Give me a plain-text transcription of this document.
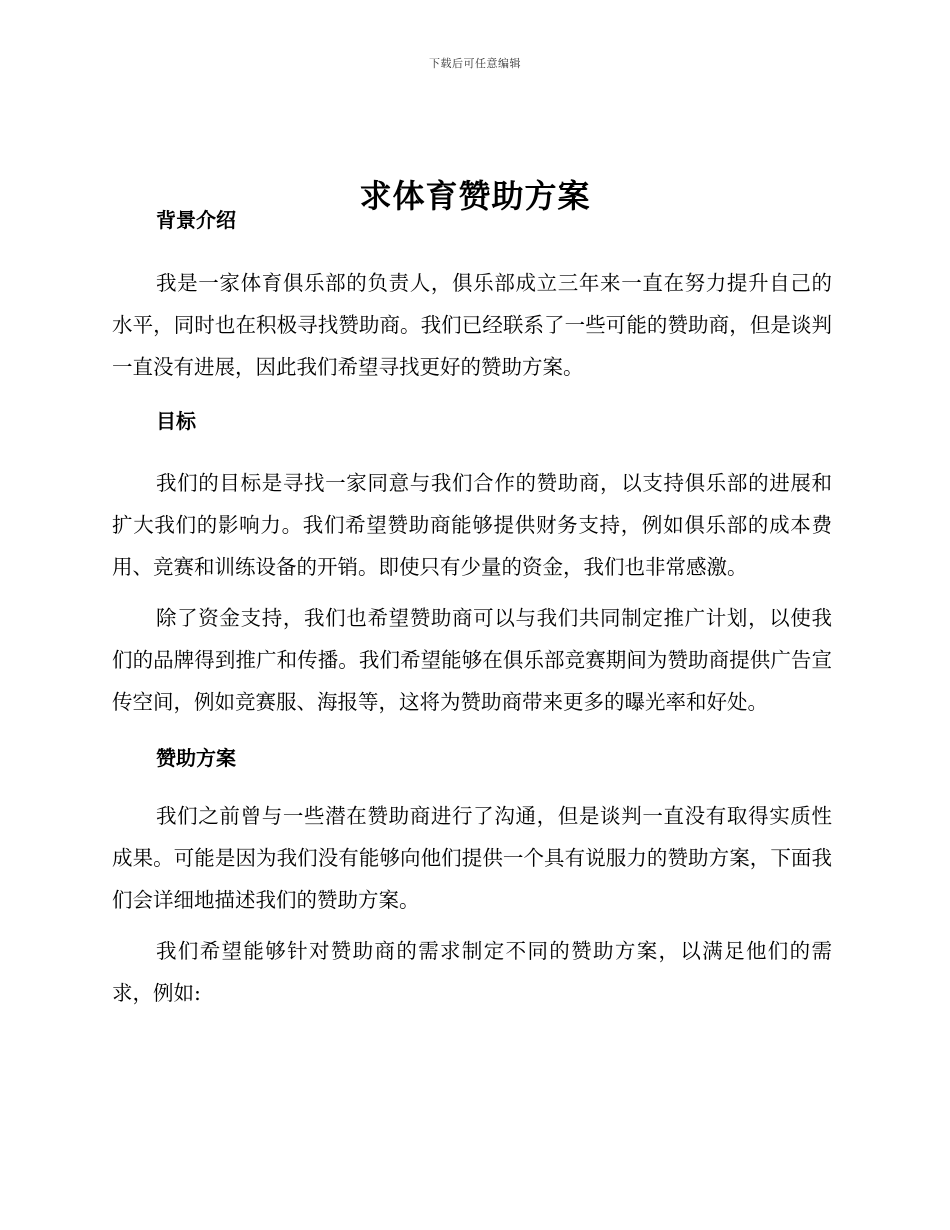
下载后可任意编辑
求体育赞助方案
背景介绍

我是一家体育俱乐部的负责人，俱乐部成立三年来一直在努力提升自己的水平，同时也在积极寻找赞助商。我们已经联系了一些可能的赞助商，但是谈判一直没有进展，因此我们希望寻找更好的赞助方案。

目标

我们的目标是寻找一家同意与我们合作的赞助商，以支持俱乐部的进展和扩大我们的影响力。我们希望赞助商能够提供财务支持，例如俱乐部的成本费用、竞赛和训练设备的开销。即使只有少量的资金，我们也非常感激。

除了资金支持，我们也希望赞助商可以与我们共同制定推广计划，以使我们的品牌得到推广和传播。我们希望能够在俱乐部竞赛期间为赞助商提供广告宣传空间，例如竞赛服、海报等，这将为赞助商带来更多的曝光率和好处。

赞助方案

我们之前曾与一些潜在赞助商进行了沟通，但是谈判一直没有取得实质性成果。可能是因为我们没有能够向他们提供一个具有说服力的赞助方案，下面我们会详细地描述我们的赞助方案。

我们希望能够针对赞助商的需求制定不同的赞助方案，以满足他们的需求，例如:
